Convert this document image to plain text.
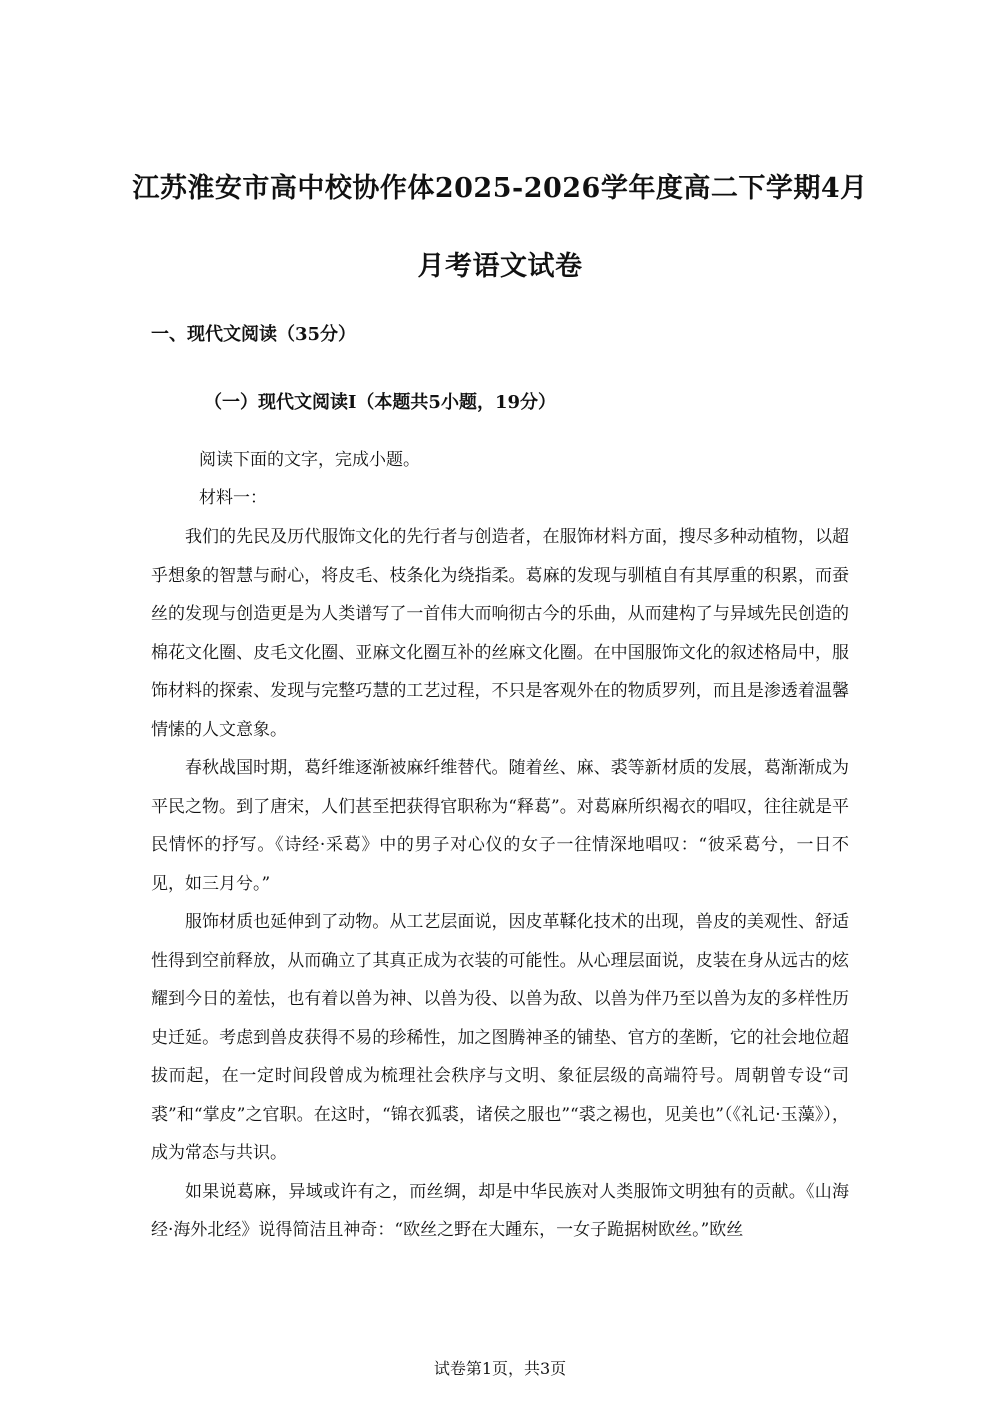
江苏淮安市高中校协作体2025-2026学年度高二下学期4月
月考语文试卷
一、现代文阅读（35分）
（一）现代文阅读Ⅰ（本题共5小题，19分）
阅读下面的文字，完成小题。
材料一：

我们的先民及历代服饰文化的先行者与创造者，在服饰材料方面，搜尽多种动植物，以超乎想象的智慧与耐心，将皮毛、枝条化为绕指柔。葛麻的发现与驯植自有其厚重的积累，而蚕丝的发现与创造更是为人类谱写了一首伟大而响彻古今的乐曲，从而建构了与异域先民创造的棉花文化圈、皮毛文化圈、亚麻文化圈互补的丝麻文化圈。在中国服饰文化的叙述格局中，服饰材料的探索、发现与完整巧慧的工艺过程，不只是客观外在的物质罗列，而且是渗透着温馨情愫的人文意象。

春秋战国时期，葛纤维逐渐被麻纤维替代。随着丝、麻、裘等新材质的发展，葛渐渐成为平民之物。到了唐宋，人们甚至把获得官职称为“释葛”。对葛麻所织褐衣的唱叹，往往就是平民情怀的抒写。《诗经·采葛》中的男子对心仪的女子一往情深地唱叹：“彼采葛兮，一日不见，如三月兮。”

服饰材质也延伸到了动物。从工艺层面说，因皮革鞣化技术的出现，兽皮的美观性、舒适性得到空前释放，从而确立了其真正成为衣装的可能性。从心理层面说，皮装在身从远古的炫耀到今日的羞怯，也有着以兽为神、以兽为役、以兽为敌、以兽为伴乃至以兽为友的多样性历史迁延。考虑到兽皮获得不易的珍稀性，加之图腾神圣的铺垫、官方的垄断，它的社会地位超拔而起，在一定时间段曾成为梳理社会秩序与文明、象征层级的高端符号。周朝曾专设“司裘”和“掌皮”之官职。在这时，“锦衣狐裘，诸侯之服也”“裘之裼也，见美也”（《礼记·玉藻》），成为常态与共识。

如果说葛麻，异域或许有之，而丝绸，却是中华民族对人类服饰文明独有的贡献。《山海经·海外北经》说得简洁且神奇：“欧丝之野在大踵东，一女子跪据树欧丝。”欧丝

试卷第1页，共3页
